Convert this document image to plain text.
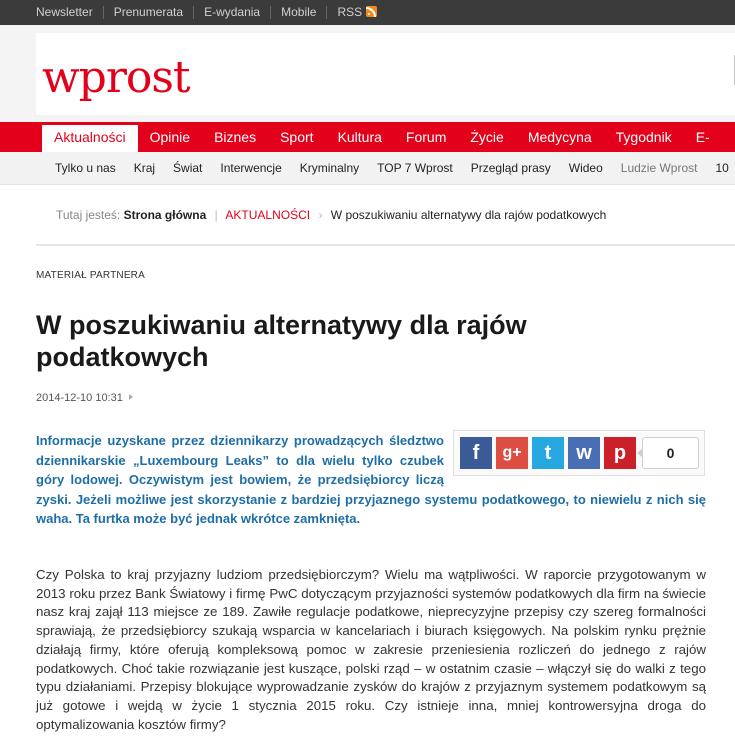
Newsletter	Prenumerata	E-wydania	Mobile	RSS
wprost
Aktualności	Opinie	Biznes	Sport	Kultura	Forum	Życie	Medycyna	Tygodnik	E-
Tylko u nas	Kraj	Świat	Interwencje	Kryminalny	TOP 7 Wprost	Przegląd prasy	Wideo	Ludzie Wprost	10
Tutaj jesteś: Strona główna | AKTUALNOŚCI › W poszukiwaniu alternatywy dla rajów podatkowych
MATERIAŁ PARTNERA
W poszukiwaniu alternatywy dla rajów podatkowych
2014-12-10 10:31
Informacje uzyskane przez dziennikarzy prowadzących śledztwo dziennikarskie „Luxembourg Leaks” to dla wielu tylko czubek góry lodowej. Oczywistym jest bowiem, że przedsiębiorcy liczą zyski. Jeżeli możliwe jest skorzystanie z bardziej przyjaznego systemu podatkowego, to niewielu z nich się waha. Ta furtka może być jednak wkrótce zamknięta.
f	g+	t	w	p	0

Czy Polska to kraj przyjazny ludziom przedsiębiorczym? Wielu ma wątpliwości. W raporcie przygotowanym w 2013 roku przez Bank Światowy i firmę PwC dotyczącym przyjazności systemów podatkowych dla firm na świecie nasz kraj zajął 113 miejsce ze 189. Zawiłe regulacje podatkowe, nieprecyzyjne przepisy czy szereg formalności sprawiają, że przedsiębiorcy szukają wsparcia w kancelariach i biurach księgowych. Na polskim rynku prężnie działają firmy, które oferują kompleksową pomoc w zakresie przeniesienia rozliczeń do jednego z rajów podatkowych. Choć takie rozwiązanie jest kuszące, polski rząd – w ostatnim czasie – włączył się do walki z tego typu działaniami. Przepisy blokujące wyprowadzanie zysków do krajów z przyjaznym systemem podatkowym są już gotowe i wejdą w życie 1 stycznia 2015 roku. Czy istnieje inna, mniej kontrowersyjna droga do optymalizowania kosztów firmy?
